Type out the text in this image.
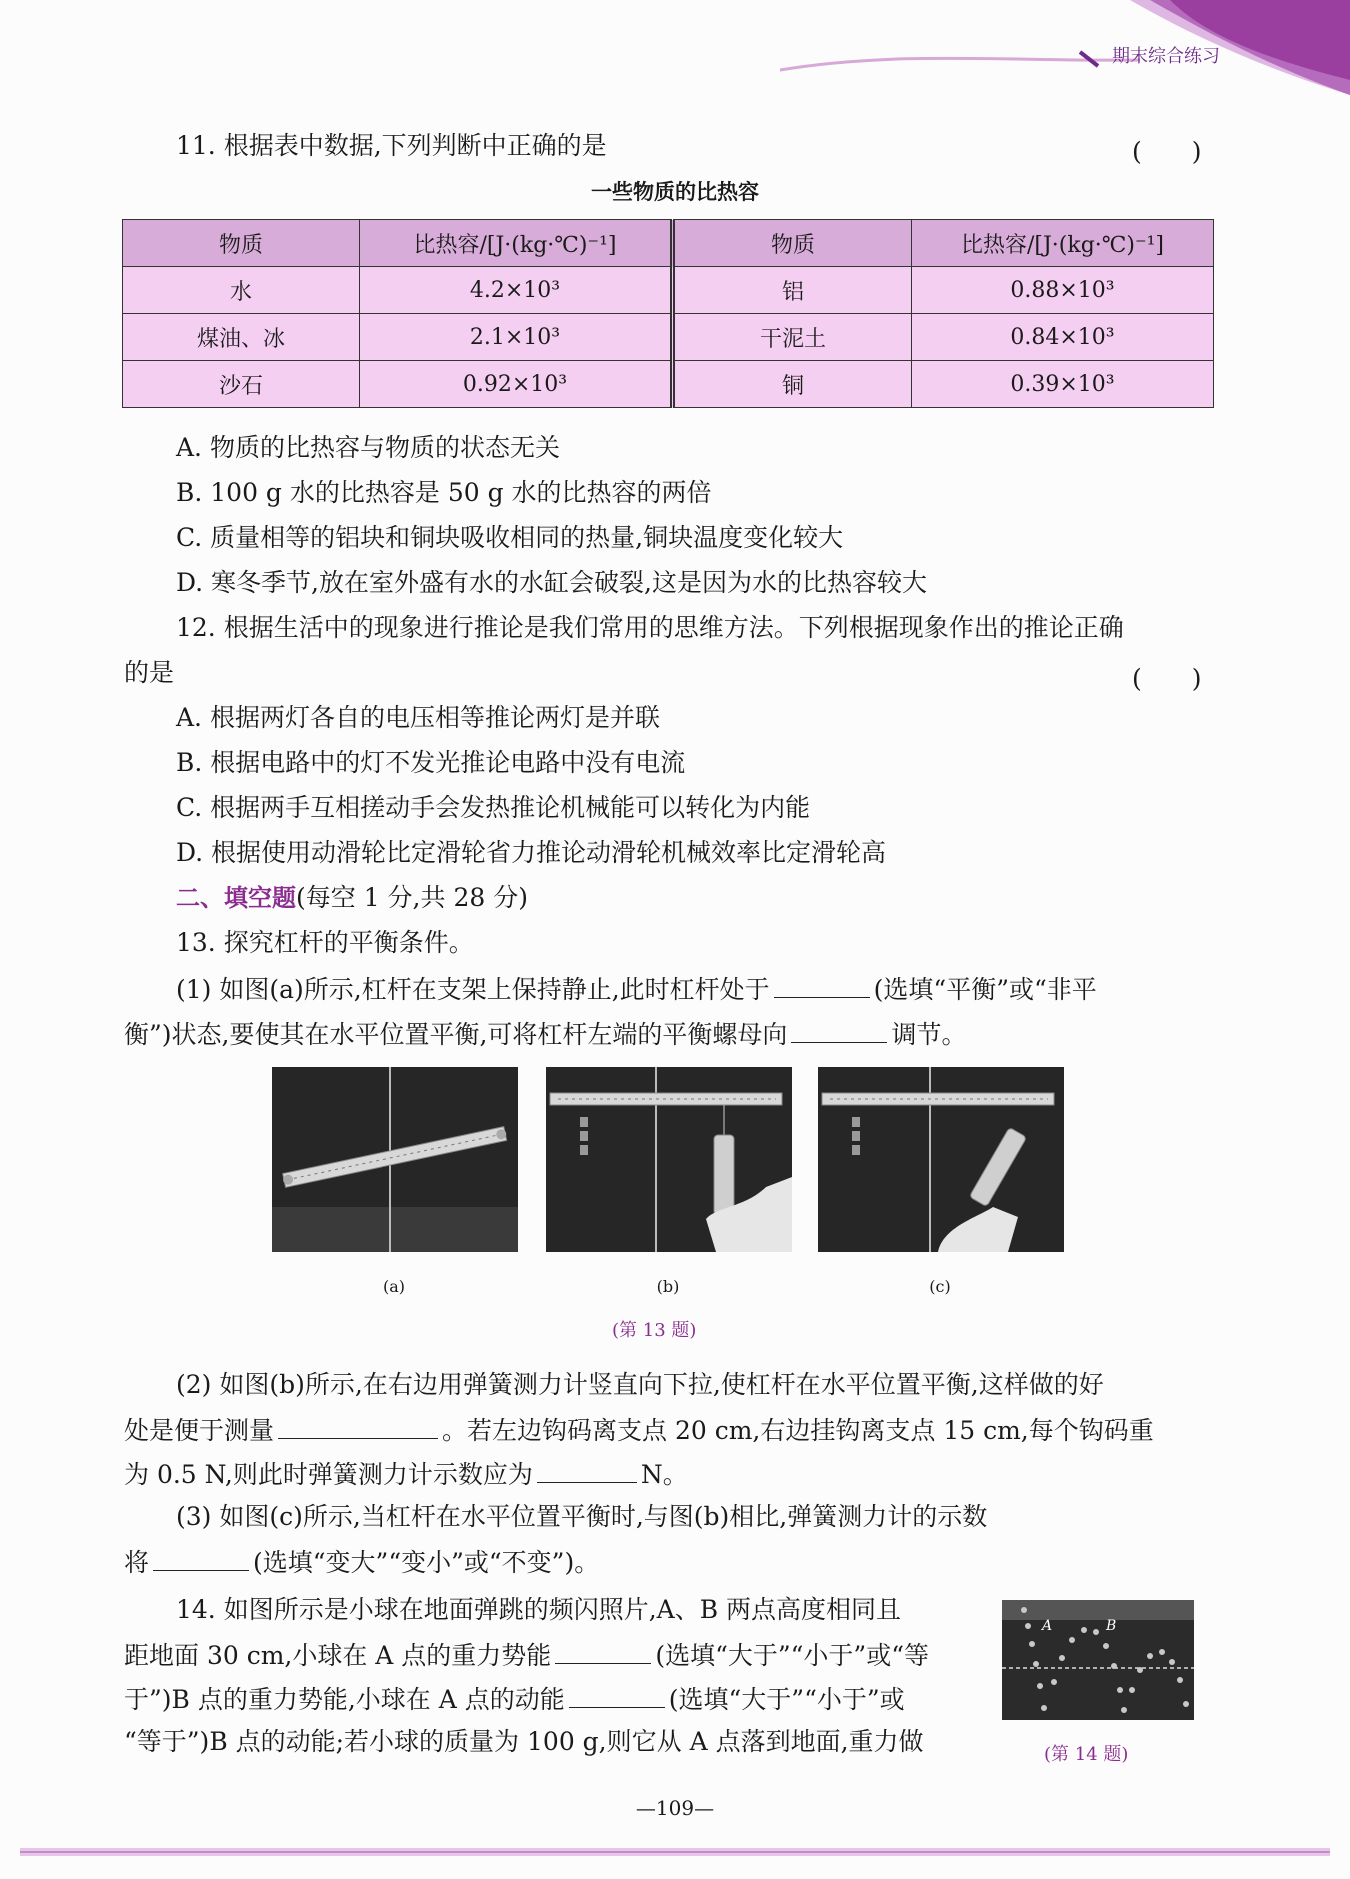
期末综合练习
11. 根据表中数据,下列判断中正确的是	(　　)
一些物质的比热容
物质	比热容/[J·(kg·℃)⁻¹]	物质	比热容/[J·(kg·℃)⁻¹]
水	4.2×10³	铝	0.88×10³
煤油、冰	2.1×10³	干泥土	0.84×10³
沙石	0.92×10³	铜	0.39×10³
A. 物质的比热容与物质的状态无关
B. 100 g 水的比热容是 50 g 水的比热容的两倍
C. 质量相等的铝块和铜块吸收相同的热量,铜块温度变化较大
D. 寒冬季节,放在室外盛有水的水缸会破裂,这是因为水的比热容较大
12. 根据生活中的现象进行推论是我们常用的思维方法。下列根据现象作出的推论正确
的是	(　　)
A. 根据两灯各自的电压相等推论两灯是并联
B. 根据电路中的灯不发光推论电路中没有电流
C. 根据两手互相搓动手会发热推论机械能可以转化为内能
D. 根据使用动滑轮比定滑轮省力推论动滑轮机械效率比定滑轮高
二、填空题(每空 1 分,共 28 分)
13. 探究杠杆的平衡条件。
(1) 如图(a)所示,杠杆在支架上保持静止,此时杠杆处于	(选填“平衡”或“非平
衡”)状态,要使其在水平位置平衡,可将杠杆左端的平衡螺母向	调节。
(a)	(b)	(c)
(第 13 题)
(2) 如图(b)所示,在右边用弹簧测力计竖直向下拉,使杠杆在水平位置平衡,这样做的好
处是便于测量	。若左边钩码离支点 20 cm,右边挂钩离支点 15 cm,每个钩码重
为 0.5 N,则此时弹簧测力计示数应为	N。
(3) 如图(c)所示,当杠杆在水平位置平衡时,与图(b)相比,弹簧测力计的示数
将	(选填“变大”“变小”或“不变”)。
14. 如图所示是小球在地面弹跳的频闪照片,A、B 两点高度相同且
距地面 30 cm,小球在 A 点的重力势能	(选填“大于”“小于”或“等
于”)B 点的重力势能,小球在 A 点的动能	(选填“大于”“小于”或
“等于”)B 点的动能;若小球的质量为 100 g,则它从 A 点落到地面,重力做
A	B
(第 14 题)
—109—
